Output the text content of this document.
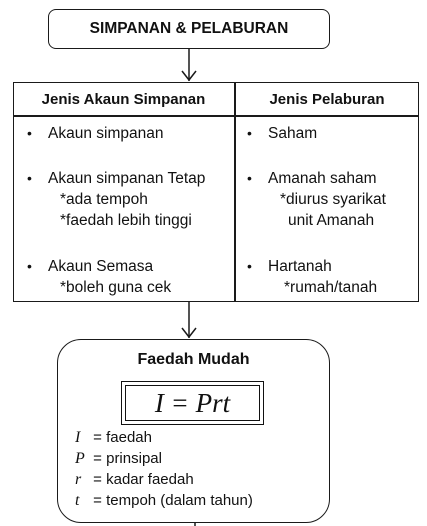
SIMPANAN & PELABURAN
Jenis Akaun Simpanan	Jenis Pelaburan
• Akaun simpanan
• Akaun simpanan Tetap
*ada tempoh
*faedah lebih tinggi
• Akaun Semasa
*boleh guna cek
• Saham
• Amanah saham
*diurus syarikat
unit Amanah
• Hartanah
*rumah/tanah
Faedah Mudah
I = Prt
I = faedah
P = prinsipal
r = kadar faedah
t = tempoh (dalam tahun)
